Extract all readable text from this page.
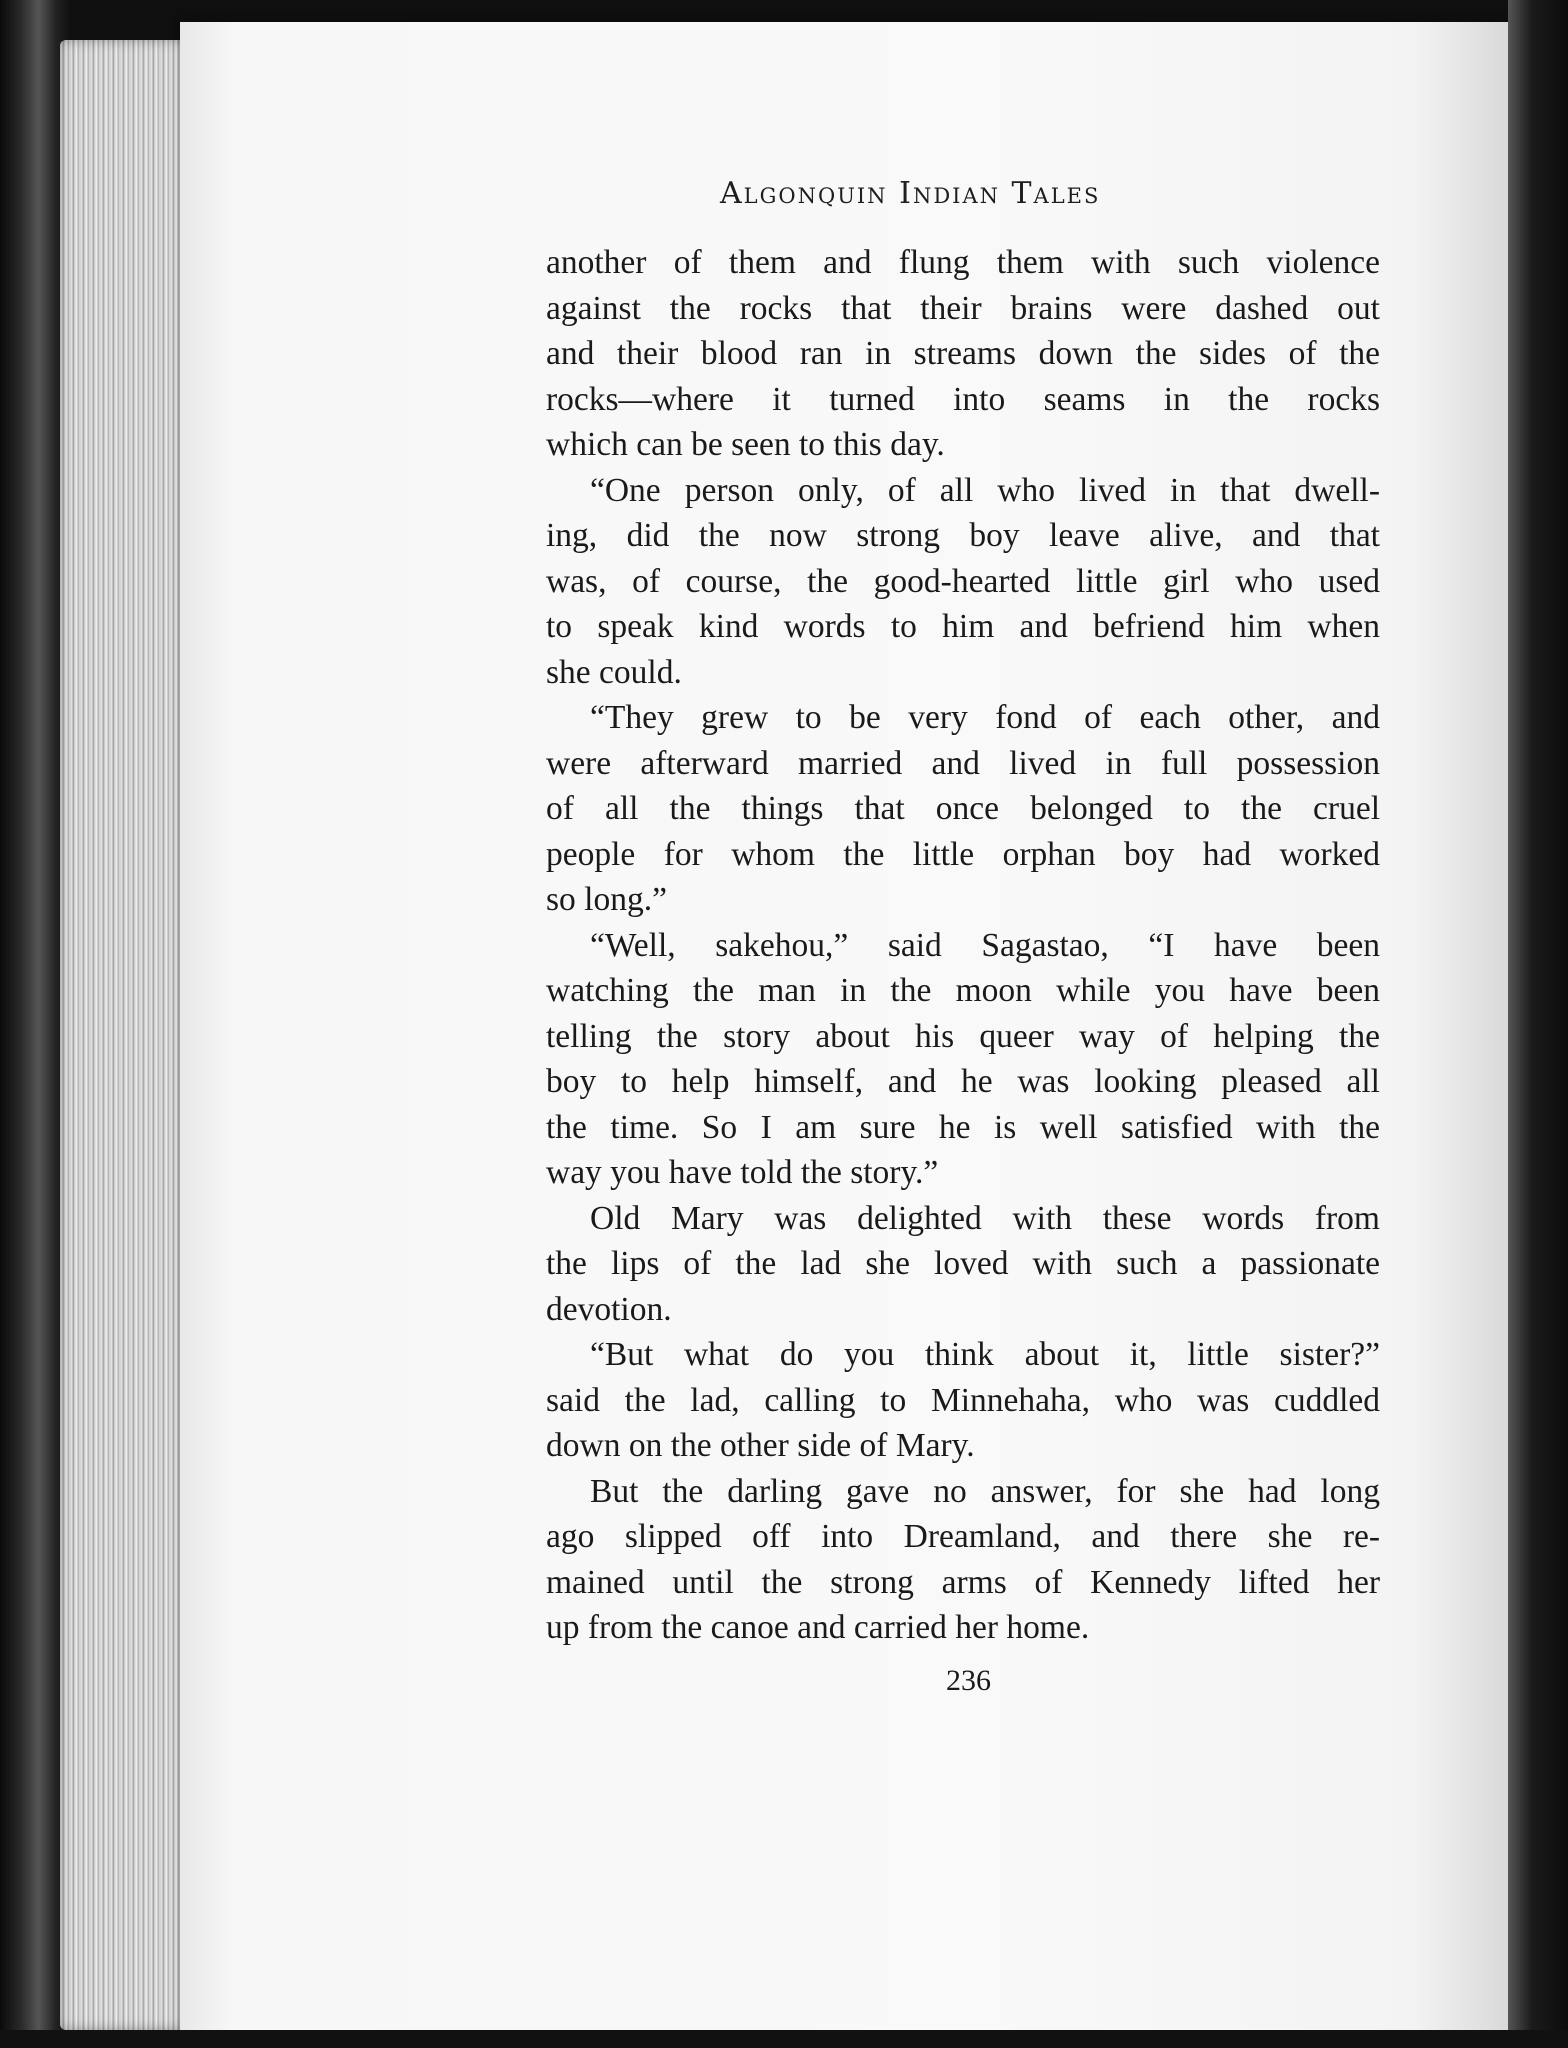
Algonquin Indian Tales
another of them and flung them with such violence
against the rocks that their brains were dashed out
and their blood ran in streams down the sides of the
rocks—where it turned into seams in the rocks
which can be seen to this day.
“One person only, of all who lived in that dwell-
ing, did the now strong boy leave alive, and that
was, of course, the good-hearted little girl who used
to speak kind words to him and befriend him when
she could.
“They grew to be very fond of each other, and
were afterward married and lived in full possession
of all the things that once belonged to the cruel
people for whom the little orphan boy had worked
so long.”
“Well, sakehou,” said Sagastao, “I have been
watching the man in the moon while you have been
telling the story about his queer way of helping the
boy to help himself, and he was looking pleased all
the time. So I am sure he is well satisfied with the
way you have told the story.”
Old Mary was delighted with these words from
the lips of the lad she loved with such a passionate
devotion.
“But what do you think about it, little sister?”
said the lad, calling to Minnehaha, who was cuddled
down on the other side of Mary.
But the darling gave no answer, for she had long
ago slipped off into Dreamland, and there she re-
mained until the strong arms of Kennedy lifted her
up from the canoe and carried her home.
236
